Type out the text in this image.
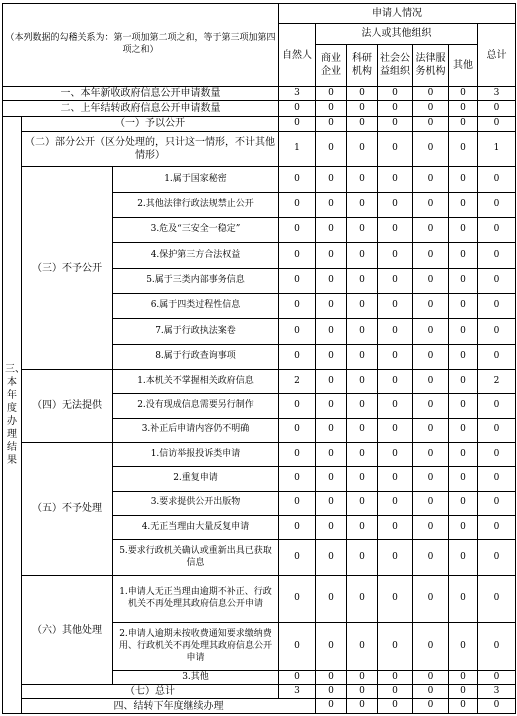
（本列数据的勾稽关系为：第一项加第二项之和，等于第三项加第四项之和）			申请人情况							
			自然人	法人或其他组织					总计	
				商业企业	科研机构	社会公益组织	法律服务机构	其他		
一、本年新收政府信息公开申请数量			3	0	0	0	0	0	3	
二、上年结转政府信息公开申请数量			0	0	0	0	0	0	0	
三、本年度办理结果	（一）予以公开		0	0	0	0	0	0	0	
	（二）部分公开（区分处理的，只计这一情形，不计其他情形）		1	0	0	0	0	0	1	
	（三）不予公开	1.属于国家秘密	0	0	0	0	0	0	0	
		2.其他法律行政法规禁止公开	0	0	0	0	0	0	0	
		3.危及“三安全一稳定”	0	0	0	0	0	0	0	
		4.保护第三方合法权益	0	0	0	0	0	0	0	
		5.属于三类内部事务信息	0	0	0	0	0	0	0	
		6.属于四类过程性信息	0	0	0	0	0	0	0	
		7.属于行政执法案卷	0	0	0	0	0	0	0	
		8.属于行政查询事项	0	0	0	0	0	0	0	
	（四）无法提供	1.本机关不掌握相关政府信息	2	0	0	0	0	0	2	
		2.没有现成信息需要另行制作	0	0	0	0	0	0	0	
		3.补正后申请内容仍不明确	0	0	0	0	0	0	0	
	（五）不予处理	1.信访举报投诉类申请	0	0	0	0	0	0	0	
		2.重复申请	0	0	0	0	0	0	0	
		3.要求提供公开出版物	0	0	0	0	0	0	0	
		4.无正当理由大量反复申请	0	0	0	0	0	0	0	
		5.要求行政机关确认或重新出具已获取信息	0	0	0	0	0	0	0	
	（六）其他处理	1.申请人无正当理由逾期不补正、行政机关不再处理其政府信息公开申请	0	0	0	0	0	0	0	
		2.申请人逾期未按收费通知要求缴纳费用、行政机关不再处理其政府信息公开申请	0	0	0	0	0	0	0	
		3.其他	0	0	0	0	0	0	0	
	（七）总计		3	0	0	0	0	0	3	
	四、结转下年度继续办理			0	0	0	0	0	0	
